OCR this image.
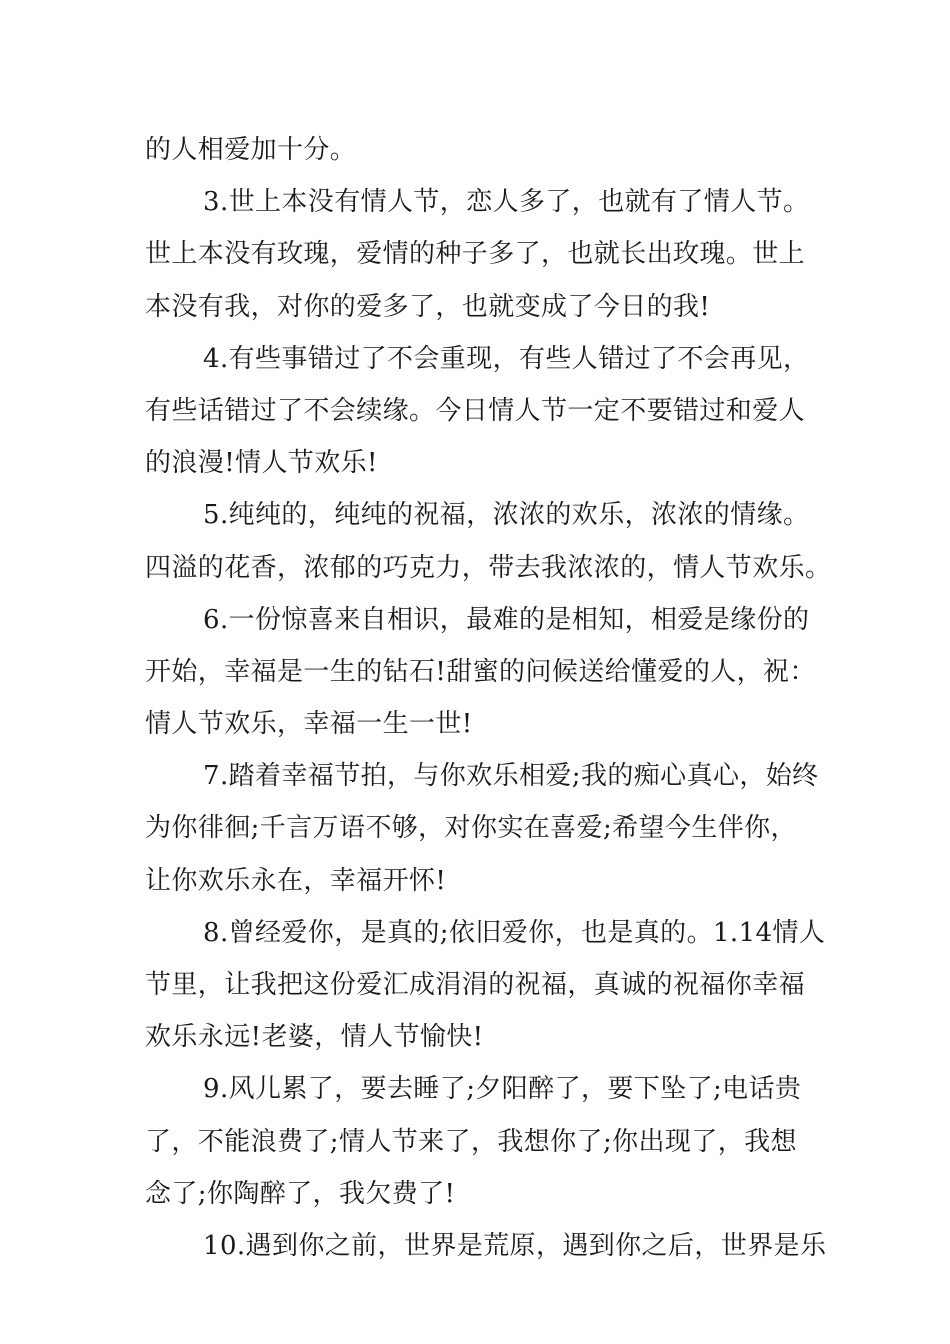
的人相爱加十分。
3.世上本没有情人节，恋人多了，也就有了情人节。
世上本没有玫瑰，爱情的种子多了，也就长出玫瑰。世上
本没有我，对你的爱多了，也就变成了今日的我!
4.有些事错过了不会重现，有些人错过了不会再见，
有些话错过了不会续缘。今日情人节一定不要错过和爱人
的浪漫!情人节欢乐!
5.纯纯的，纯纯的祝福，浓浓的欢乐，浓浓的情缘。
四溢的花香，浓郁的巧克力，带去我浓浓的，情人节欢乐。
6.一份惊喜来自相识，最难的是相知，相爱是缘份的
开始，幸福是一生的钻石!甜蜜的问候送给懂爱的人，祝：
情人节欢乐，幸福一生一世!
7.踏着幸福节拍，与你欢乐相爱;我的痴心真心，始终
为你徘徊;千言万语不够，对你实在喜爱;希望今生伴你，
让你欢乐永在，幸福开怀!
8.曾经爱你，是真的;依旧爱你，也是真的。1.14情人
节里，让我把这份爱汇成涓涓的祝福，真诚的祝福你幸福
欢乐永远!老婆，情人节愉快!
9.风儿累了，要去睡了;夕阳醉了，要下坠了;电话贵
了，不能浪费了;情人节来了，我想你了;你出现了，我想
念了;你陶醉了，我欠费了!
10.遇到你之前，世界是荒原，遇到你之后，世界是乐
